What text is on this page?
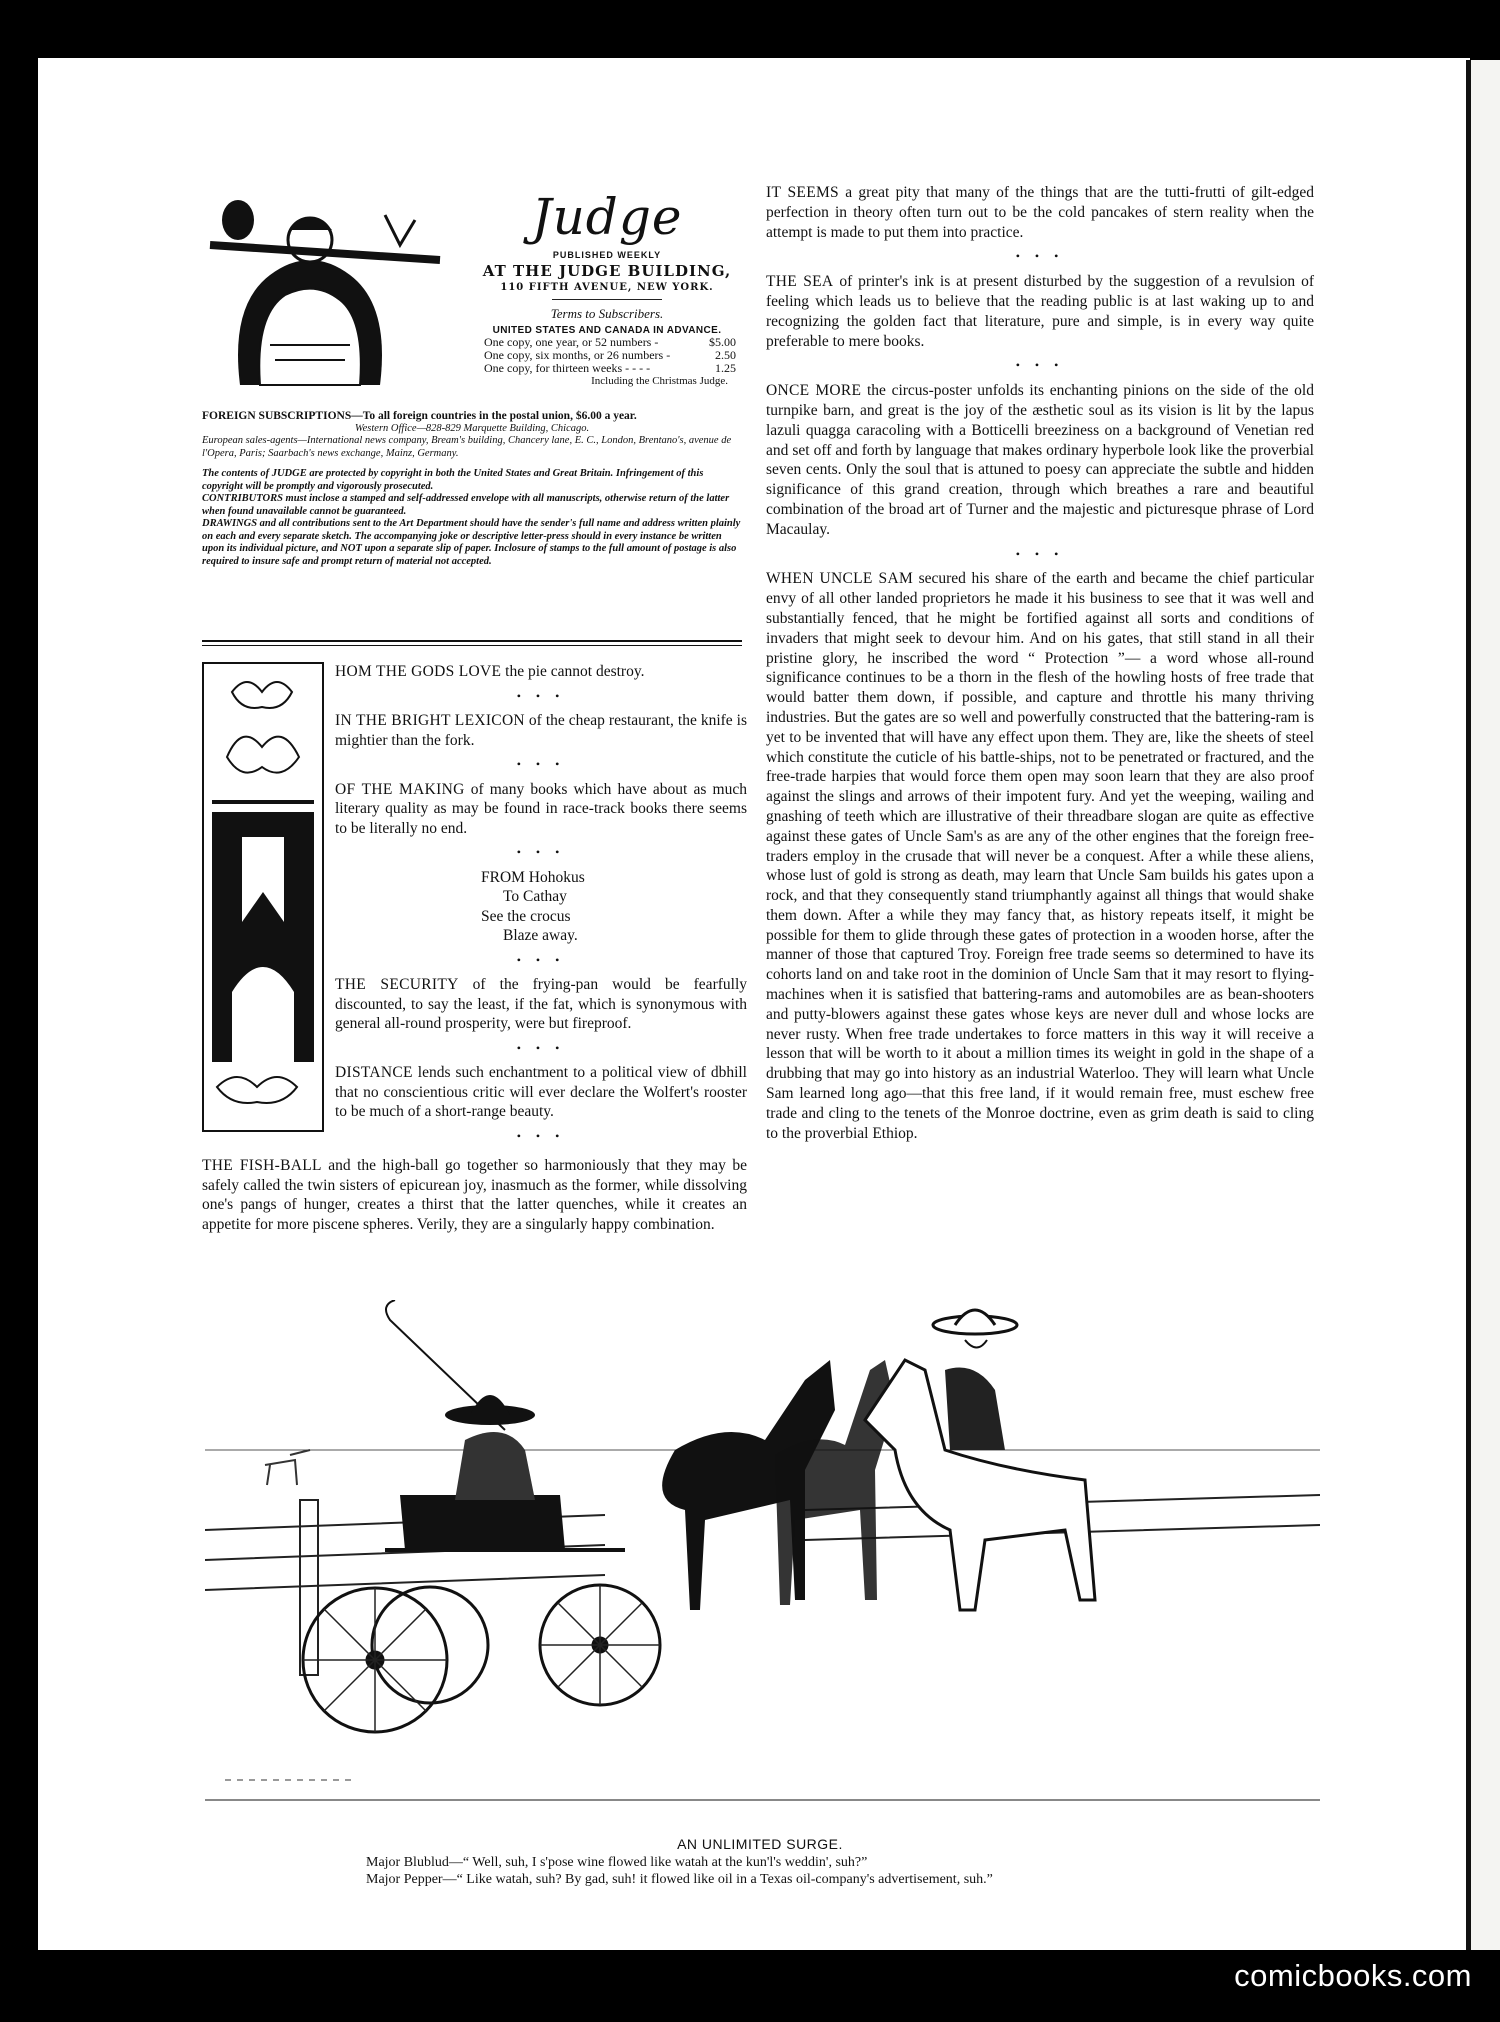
Judge
PUBLISHED WEEKLY
AT THE JUDGE BUILDING,
110 FIFTH AVENUE, NEW YORK.
Terms to Subscribers.
UNITED STATES AND CANADA IN ADVANCE.
One copy, one year, or 52 numbers -	$5.00
One copy, six months, or 26 numbers -	2.50
One copy, for thirteen weeks - - - -	1.25
Including the Christmas Judge.

FOREIGN SUBSCRIPTIONS—To all foreign countries in the postal union, $6.00 a year.

Western Office—828-829 Marquette Building, Chicago.

European sales-agents—International news company, Bream's building, Chancery lane, E. C., London, Brentano's, avenue de l'Opera, Paris; Saarbach's news exchange, Mainz, Germany.

The contents of JUDGE are protected by copyright in both the United States and Great Britain. Infringement of this copyright will be promptly and vigorously prosecuted.

CONTRIBUTORS must inclose a stamped and self-addressed envelope with all manuscripts, otherwise return of the latter when found unavailable cannot be guaranteed.

DRAWINGS and all contributions sent to the Art Department should have the sender's full name and address written plainly on each and every separate sketch. The accompanying joke or descriptive letter-press should in every instance be written upon its individual picture, and NOT upon a separate slip of paper. Inclosure of stamps to the full amount of postage is also required to insure safe and prompt return of material not accepted.

HOM THE GODS LOVE the pie cannot destroy.

• • •

IN THE BRIGHT LEXICON of the cheap restaurant, the knife is mightier than the fork.

• • •

OF THE MAKING of many books which have about as much literary quality as may be found in race-track books there seems to be literally no end.

• • •
FROM Hohokus
To Cathay
See the crocus
Blaze away.
• • •

THE SECURITY of the frying-pan would be fearfully discounted, to say the least, if the fat, which is synonymous with general all-round prosperity, were but fireproof.

• • •

DISTANCE lends such enchantment to a political view of dbhill that no conscientious critic will ever declare the Wolfert's rooster to be much of a short-range beauty.

• • •

THE FISH-BALL and the high-ball go together so harmoniously that they may be safely called the twin sisters of epicurean joy, inasmuch as the former, while dissolving one's pangs of hunger, creates a thirst that the latter quenches, while it creates an appetite for more piscene spheres. Verily, they are a singularly happy combination.

IT SEEMS a great pity that many of the things that are the tutti-frutti of gilt-edged perfection in theory often turn out to be the cold pancakes of stern reality when the attempt is made to put them into practice.

• • •

THE SEA of printer's ink is at present disturbed by the suggestion of a revulsion of feeling which leads us to believe that the reading public is at last waking up to and recognizing the golden fact that literature, pure and simple, is in every way quite preferable to mere books.

• • •

ONCE MORE the circus-poster unfolds its enchanting pinions on the side of the old turnpike barn, and great is the joy of the æsthetic soul as its vision is lit by the lapus lazuli quagga caracoling with a Botticelli breeziness on a background of Venetian red and set off and forth by language that makes ordinary hyperbole look like the proverbial seven cents. Only the soul that is attuned to poesy can appreciate the subtle and hidden significance of this grand creation, through which breathes a rare and beautiful combination of the broad art of Turner and the majestic and picturesque phrase of Lord Macaulay.

• • •

WHEN UNCLE SAM secured his share of the earth and became the chief particular envy of all other landed proprietors he made it his business to see that it was well and substantially fenced, that he might be fortified against all sorts and conditions of invaders that might seek to devour him. And on his gates, that still stand in all their pristine glory, he inscribed the word “ Protection ”— a word whose all-round significance continues to be a thorn in the flesh of the howling hosts of free trade that would batter them down, if possible, and capture and throttle his many thriving industries. But the gates are so well and powerfully constructed that the battering-ram is yet to be invented that will have any effect upon them. They are, like the sheets of steel which constitute the cuticle of his battle-ships, not to be penetrated or fractured, and the free-trade harpies that would force them open may soon learn that they are also proof against the slings and arrows of their impotent fury. And yet the weeping, wailing and gnashing of teeth which are illustrative of their threadbare slogan are quite as effective against these gates of Uncle Sam's as are any of the other engines that the foreign free-traders employ in the crusade that will never be a conquest. After a while these aliens, whose lust of gold is strong as death, may learn that Uncle Sam builds his gates upon a rock, and that they consequently stand triumphantly against all things that would shake them down. After a while they may fancy that, as history repeats itself, it might be possible for them to glide through these gates of protection in a wooden horse, after the manner of those that captured Troy. Foreign free trade seems so determined to have its cohorts land on and take root in the dominion of Uncle Sam that it may resort to flying-machines when it is satisfied that battering-rams and automobiles are as bean-shooters and putty-blowers against these gates whose keys are never dull and whose locks are never rusty. When free trade undertakes to force matters in this way it will receive a lesson that will be worth to it about a million times its weight in gold in the shape of a drubbing that may go into history as an industrial Waterloo. They will learn what Uncle Sam learned long ago—that this free land, if it would remain free, must eschew free trade and cling to the tenets of the Monroe doctrine, even as grim death is said to cling to the proverbial Ethiop.

AN UNLIMITED SURGE.
Major Blublud—“ Well, suh, I s'pose wine flowed like watah at the kun'l's weddin', suh?”
Major Pepper—“ Like watah, suh? By gad, suh! it flowed like oil in a Texas oil-company's advertisement, suh.”
comicbooks.com
